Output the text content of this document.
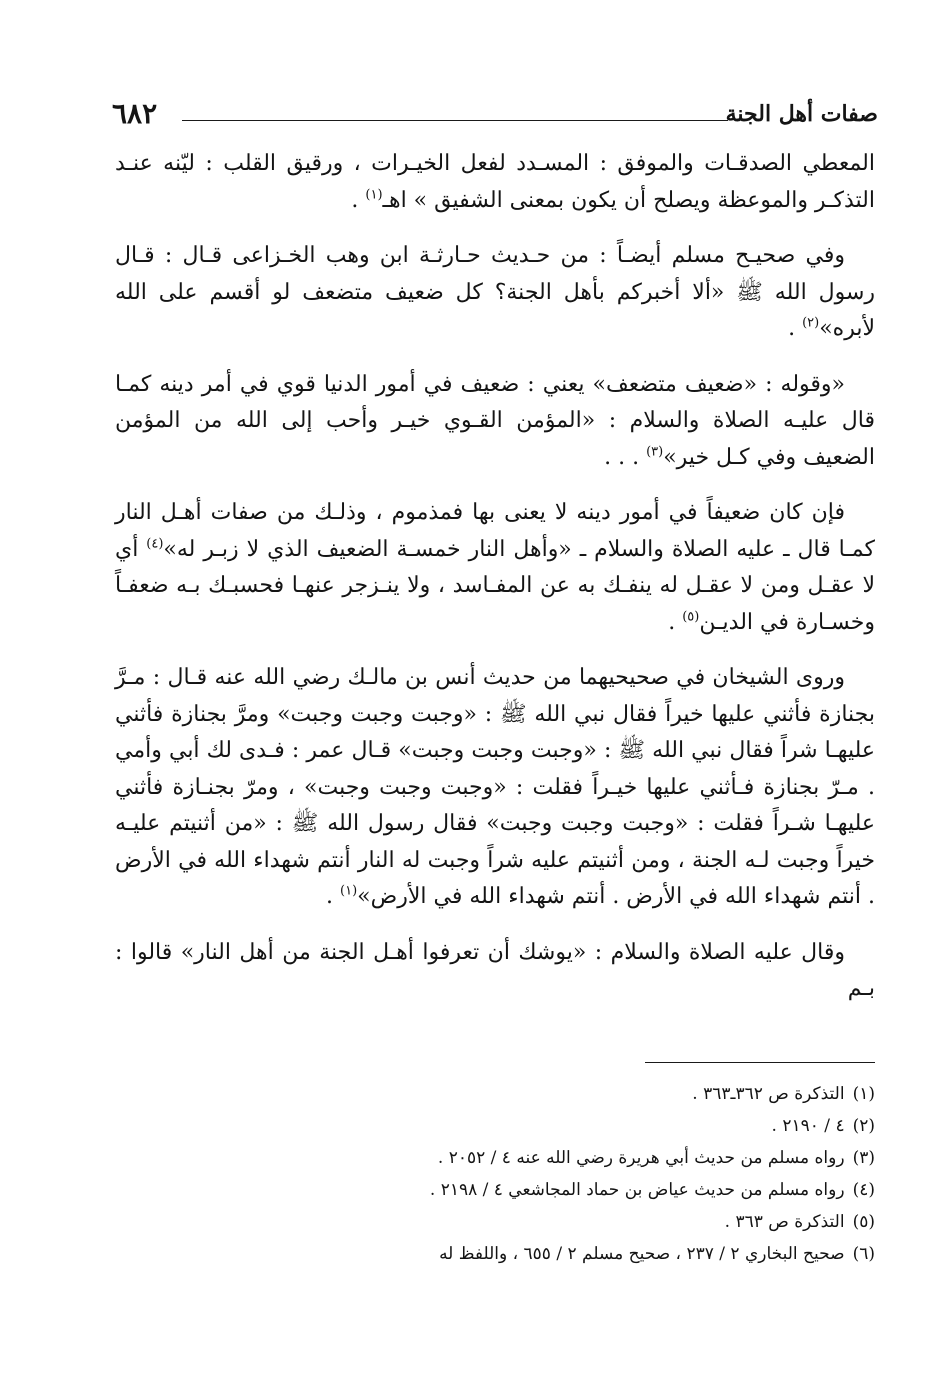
٦٨٢	صفات أهل الجنة

المعطي الصدقـات والموفق : المسـدد لفعل الخيـرات ، ورقيق القلب : ليّنه عنـد التذكـر والموعظة ويصلح أن يكون بمعنى الشفيق » اهـ$^{(١)}$ .

وفي صحيـح مسلم أيضـاً : من حـديث حـارثـة ابن وهب الخـزاعى قـال : قـال رسول الله ﷺ «ألا أخبركم بأهل الجنة؟ كل ضعيف متضعف لو أقسم على الله لأبره»$^{(٢)}$ .

«وقوله : «ضعيف متضعف» يعني : ضعيف في أمور الدنيا قوي في أمر دينه كمـا قال عليـه الصلاة والسلام : «المؤمن القـوي خيـر وأحب إلى الله من المؤمن الضعيف وفي كـل خير»$^{(٣)}$ . . .

فإن كان ضعيفاً في أمور دينه لا يعنى بها فمذموم ، وذلـك من صفات أهـل النار كمـا قال ـ عليه الصلاة والسلام ـ «وأهل النار خمسـة الضعيف الذي لا زبـر له»$^{(٤)}$ أي لا عقـل ومن لا عقـل له ينفـك به عن المفـاسد ، ولا ينـزجر عنهـا فحسبـك بـه ضعفـاً وخسـارة في الديـن$^{(٥)}$ .

وروى الشيخان في صحيحيهما من حديث أنس بن مالـك رضي الله عنه قـال : مـرَّ بجنازة فأثني عليها خيراً فقال نبي الله ﷺ : «وجبت وجبت وجبت» ومرَّ بجنازة فأثني عليهـا شراً فقال نبي الله ﷺ : «وجبت وجبت وجبت» قـال عمر : فـدى لك أبي وأمي . مـرّ بجنازة فـأثني عليها خيـراً فقلت : «وجبت وجبت وجبت» ، ومرّ بجنـازة فأثني عليهـا شـراً فقلت : «وجبت وجبت وجبت» فقال رسول الله ﷺ : «من أثنيتم عليـه خيراً وجبت لـه الجنة ، ومن أثنيتم عليه شراً وجبت له النار أنتم شهداء الله في الأرض . أنتم شهداء الله في الأرض . أنتم شهداء الله في الأرض»$^{(١)}$ .

وقال عليه الصلاة والسلام : «يوشك أن تعرفوا أهـل الجنة من أهل النار» قالوا : بـم

(١)
التذكرة ص ٣٦٢ـ٣٦٣ .
(٢)
٤ / ٢١٩٠ .
(٣)
رواه مسلم من حديث أبي هريرة رضي الله عنه ٤ / ٢٠٥٢ .
(٤)
رواه مسلم من حديث عياض بن حماد المجاشعي ٤ / ٢١٩٨ .
(٥)
التذكرة ص ٣٦٣ .
(٦)
صحيح البخاري ٢ / ٢٣٧ ، صحيح مسلم ٢ / ٦٥٥ ، واللفظ له
